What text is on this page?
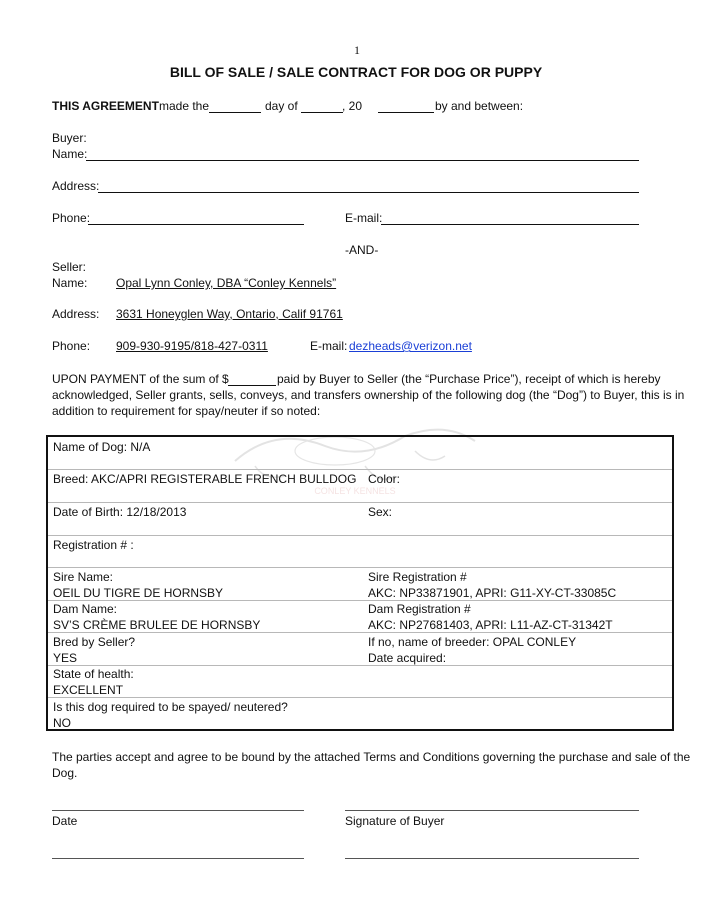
1
BILL OF SALE / SALE CONTRACT FOR DOG OR PUPPY
THIS AGREEMENT made the	day of	, 20	by and between:
Buyer:
Name:
Address:
Phone:	E-mail:
-AND-
Seller:
Name: Opal Lynn Conley, DBA “Conley Kennels”
Address: 3631 Honeyglen Way, Ontario, Calif 91761
Phone: 909-930-9195/818-427-0311	E-mail: dezheads@verizon.net
UPON PAYMENT of the sum of $	paid by Buyer to Seller (the “Purchase Price”), receipt of which is hereby
acknowledged, Seller grants, sells, conveys, and transfers ownership of the following dog (the “Dog”) to Buyer, this is in
addition to requirement for spay/neuter if so noted:
CONLEY KENNELS
Name of Dog: N/A
Breed: AKC/APRI REGISTERABLE FRENCH BULLDOG Color:
Date of Birth: 12/18/2013	Sex:
Registration # :
Sire Name:
OEIL DU TIGRE DE HORNSBY
Sire Registration #
AKC: NP33871901, APRI: G11-XY-CT-33085C
Dam Name:
SV’S CRÈME BRULEE DE HORNSBY
Dam Registration #
AKC: NP27681403, APRI: L11-AZ-CT-31342T
Bred by Seller?
YES
If no, name of breeder: OPAL CONLEY
Date acquired:
State of health:
EXCELLENT
Is this dog required to be spayed/ neutered?
NO
The parties accept and agree to be bound by the attached Terms and Conditions governing the purchase and sale of the
Dog.
Date	Signature of Buyer
